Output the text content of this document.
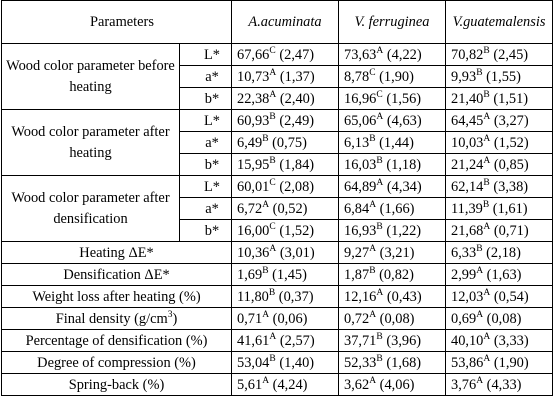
Parameters		A.acuminata	V. ferruginea	V.guatemalensis
Wood color parameter before heating	L*	$67,66^C$ (2,47)	$73,63^A$ (4,22)	$70,82^B$ (2,45)
	a*	$10,73^A$ (1,37)	$8,78^C$ (1,90)	$9,93^B$ (1,55)
	b*	$22,38^A$ (2,40)	$16,96^C$ (1,56)	$21,40^B$ (1,51)
Wood color parameter after heating	L*	$60,93^B$ (2,49)	$65,06^A$ (4,63)	$64,45^A$ (3,27)
	a*	$6,49^B$ (0,75)	$6,13^B$ (1,44)	$10,03^A$ (1,52)
	b*	$15,95^B$ (1,84)	$16,03^B$ (1,18)	$21,24^A$ (0,85)
Wood color parameter after densification	L*	$60,01^C$ (2,08)	$64,89^A$ (4,34)	$62,14^B$ (3,38)
	a*	$6,72^A$ (0,52)	$6,84^A$ (1,66)	$11,39^B$ (1,61)
	b*	$16,00^C$ (1,52)	$16,93^B$ (1,22)	$21,68^A$ (0,71)
Heating ΔE*		$10,36^A$ (3,01)	$9,27^A$ (3,21)	$6,33^B$ (2,18)
Densification ΔE*		$1,69^B$ (1,45)	$1,87^B$ (0,82)	$2,99^A$ (1,63)
Weight loss after heating (%)		$11,80^B$ (0,37)	$12,16^A$ (0,43)	$12,03^A$ (0,54)
Final density $(g/cm^3)$		$0,71^A$ (0,06)	$0,72^A$ (0,08)	$0,69^A$ (0,08)
Percentage of densification (%)		$41,61^A$ (2,57)	$37,71^B$ (3,96)	$40,10^A$ (3,33)
Degree of compression (%)		$53,04^B$ (1,40)	$52,33^B$ (1,68)	$53,86^A$ (1,90)
Spring-back (%)		$5,61^A$ (4,24)	$3,62^A$ (4,06)	$3,76^A$ (4,33)
